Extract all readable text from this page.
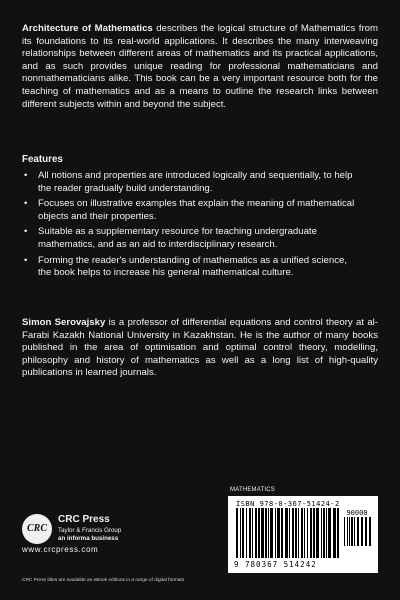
Architecture of Mathematics describes the logical structure of Mathematics from its foundations to its real-world applications. It describes the many interweaving relationships between different areas of mathematics and its practical applications, and as such provides unique reading for professional mathematicians and nonmathematicians alike. This book can be a very important resource both for the teaching of mathematics and as a means to outline the research links between different subjects within and beyond the subject.

Features
• All notions and properties are introduced logically and sequentially, to help the reader gradually build understanding.
• Focuses on illustrative examples that explain the meaning of mathematical objects and their properties.
• Suitable as a supplementary resource for teaching undergraduate mathematics, and as an aid to interdisciplinary research.
• Forming the reader's understanding of mathematics as a unified science, the book helps to increase his general mathematical culture.

Simon Serovajsky is a professor of differential equations and control theory at al-Farabi Kazakh National University in Kazakhstan. He is the author of many books published in the area of optimisation and optimal control theory, modelling, philosophy and history of mathematics as well as a long list of high-quality publications in learned journals.

MATHEMATICS
ISBN 978-0-367-51424-2
9 780367 514242
90000
CRC
CRC Press
Taylor & Francis Group
an informa business
www.crcpress.com
CRC Press titles are available as eBook editions in a range of digital formats
